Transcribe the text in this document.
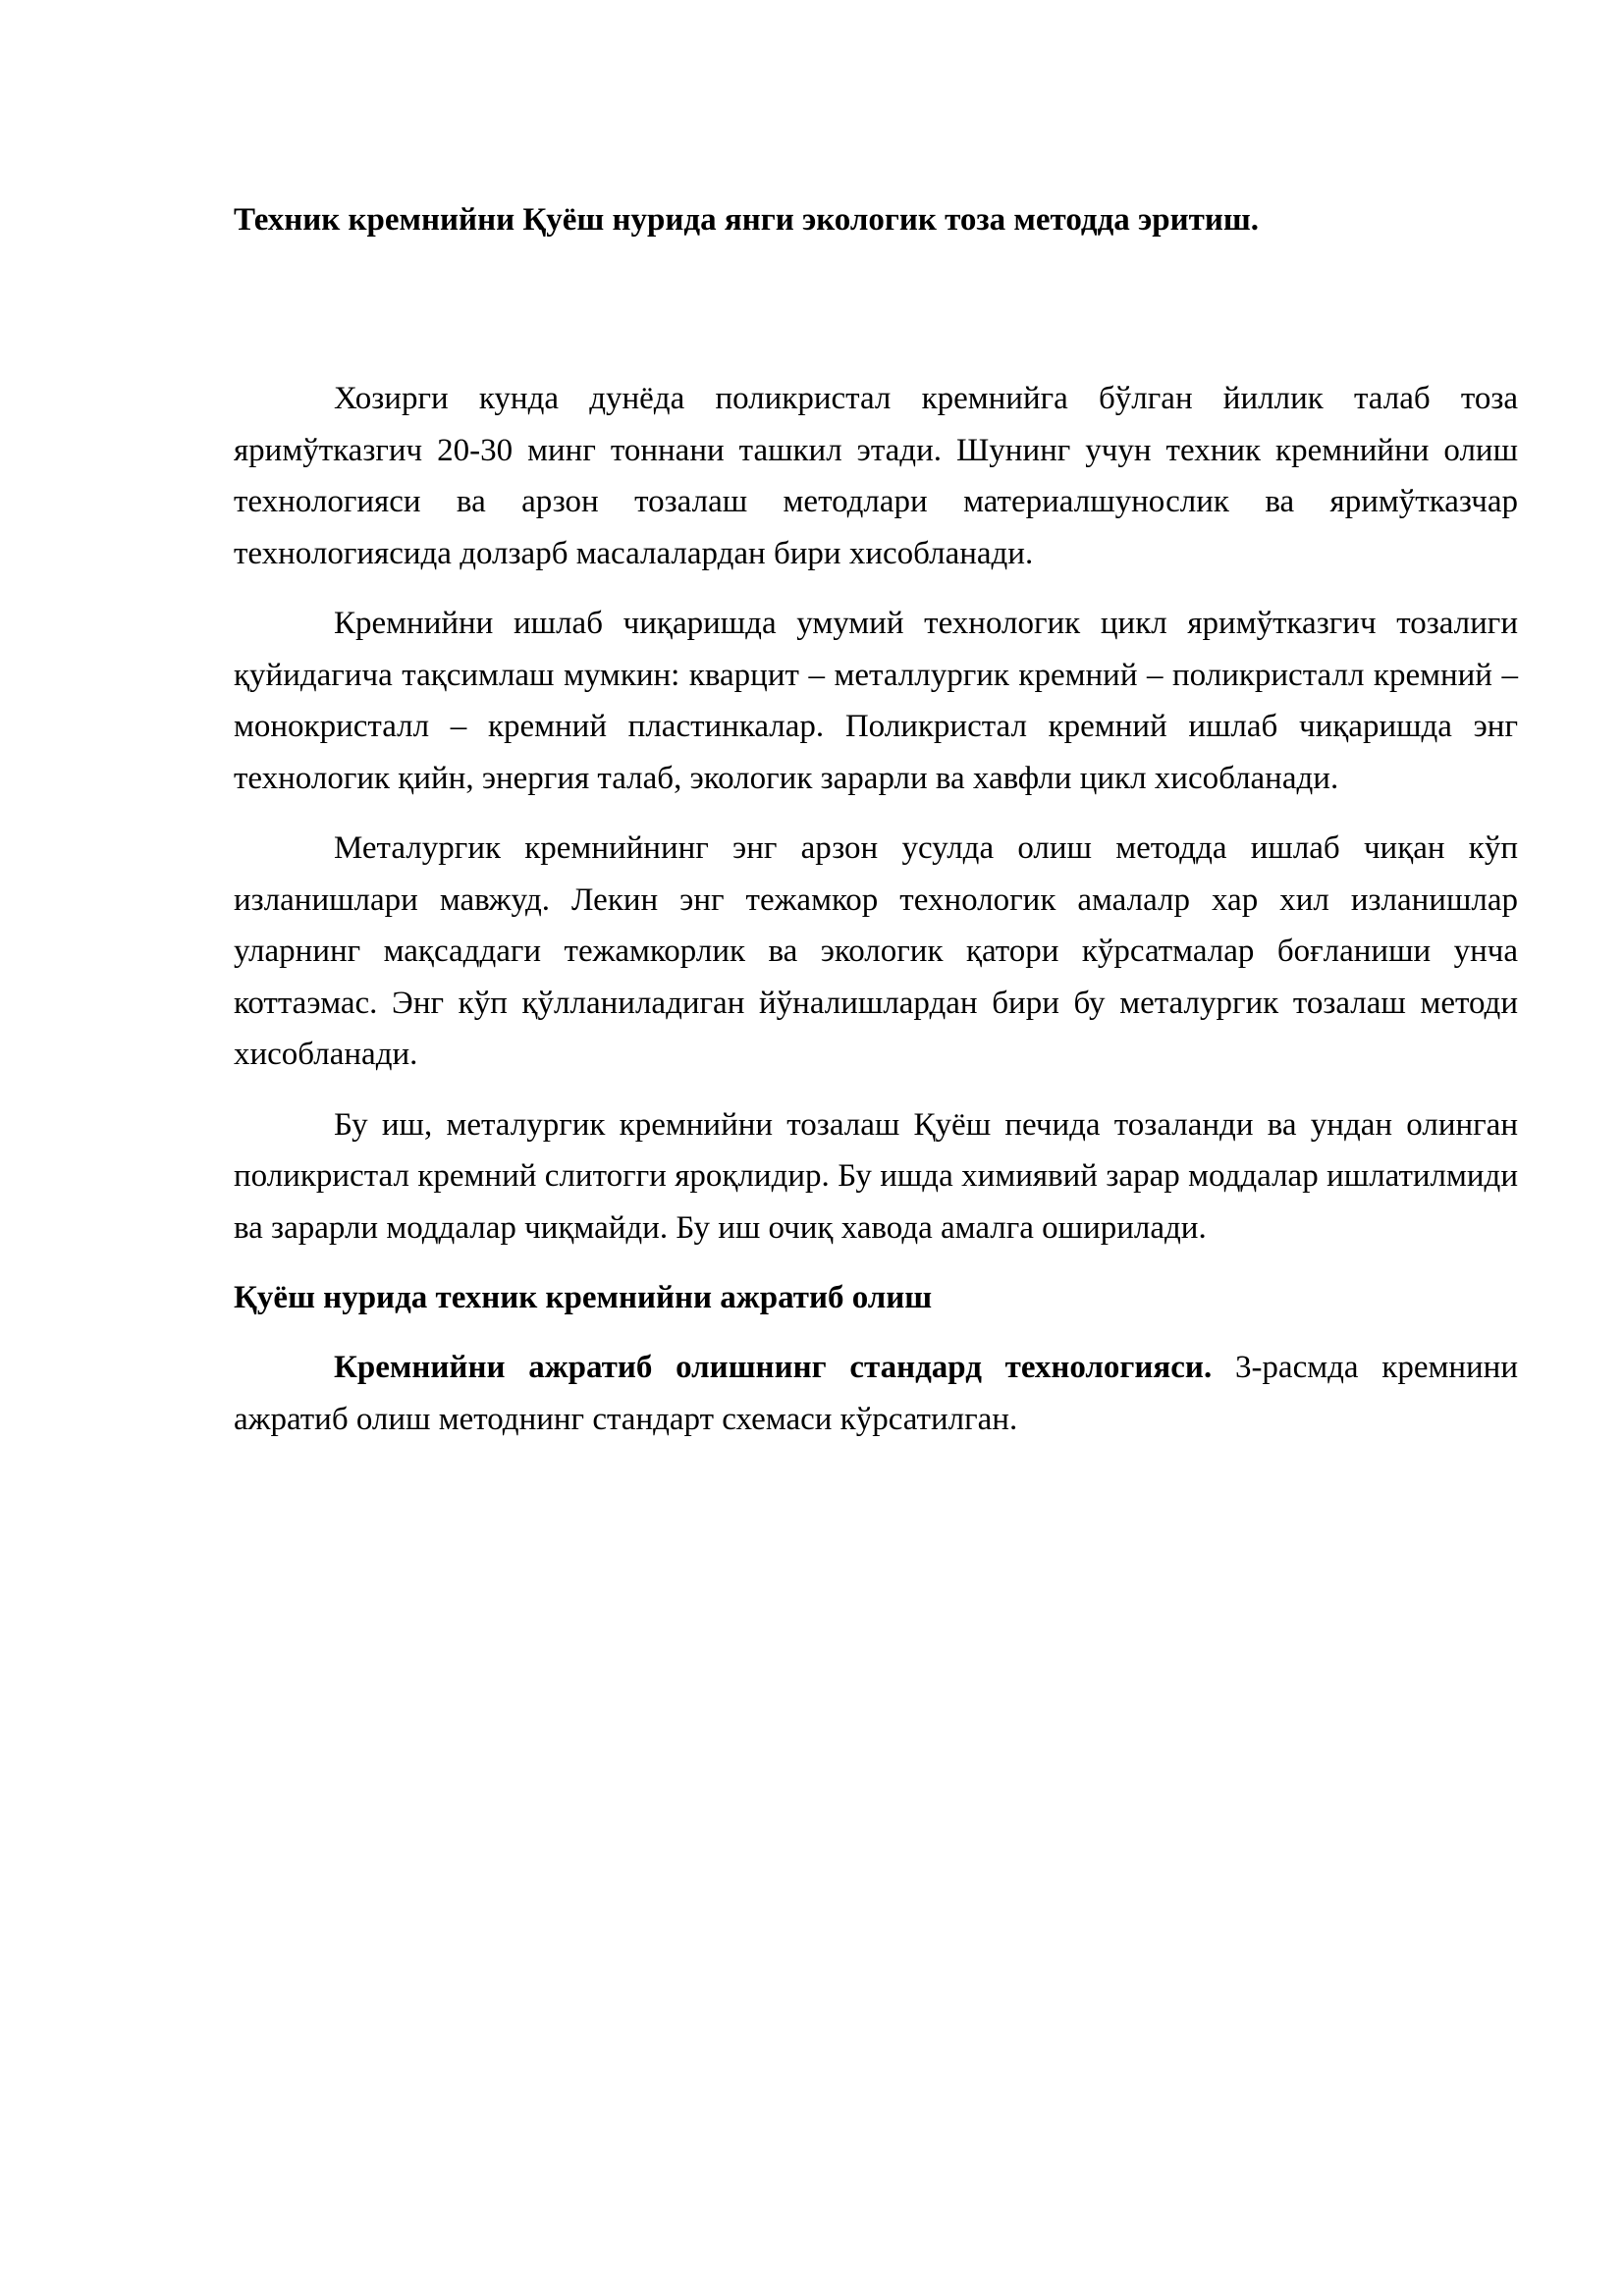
Техник кремнийни Қуёш нурида янги экологик тоза методда эритиш.

Хозирги кунда дунёда поликристал кремнийга бўлган йиллик талаб тоза яримўтказгич 20-30 минг тоннани ташкил этади. Шунинг учун техник кремнийни олиш технологияси ва арзон тозалаш методлари материалшунослик ва яримўтказчар технологиясида долзарб масалалардан бири хисобланади.

Кремнийни ишлаб чиқаришда умумий технологик цикл яримўтказгич тозалиги қуйидагича тақсимлаш мумкин: кварцит – металлургик кремний – поликристалл кремний – монокристалл – кремний пластинкалар. Поликристал кремний ишлаб чиқаришда энг технологик қийн, энергия талаб, экологик зарарли ва хавфли цикл хисобланади.

Металургик кремнийнинг энг арзон усулда олиш методда ишлаб чиқан кўп изланишлари мавжуд. Лекин энг тежамкор технологик амалалр хар хил изланишлар уларнинг мақсаддаги тежамкорлик ва экологик қатори кўрсатмалар боғланиши унча коттаэмас. Энг кўп қўлланиладиган йўналишлардан бири бу металургик тозалаш методи хисобланади.

Бу иш, металургик кремнийни тозалаш Қуёш печида тозаланди ва ундан олинган поликристал кремний слитогги яроқлидир. Бу ишда химиявий зарар моддалар ишлатилмиди ва зарарли моддалар чиқмайди. Бу иш очиқ хавода амалга оширилади.

Қуёш нурида техник кремнийни ажратиб олиш

Кремнийни ажратиб олишнинг стандард технологияси. 3-расмда кремнини ажратиб олиш методнинг стандарт схемаси кўрсатилган.
